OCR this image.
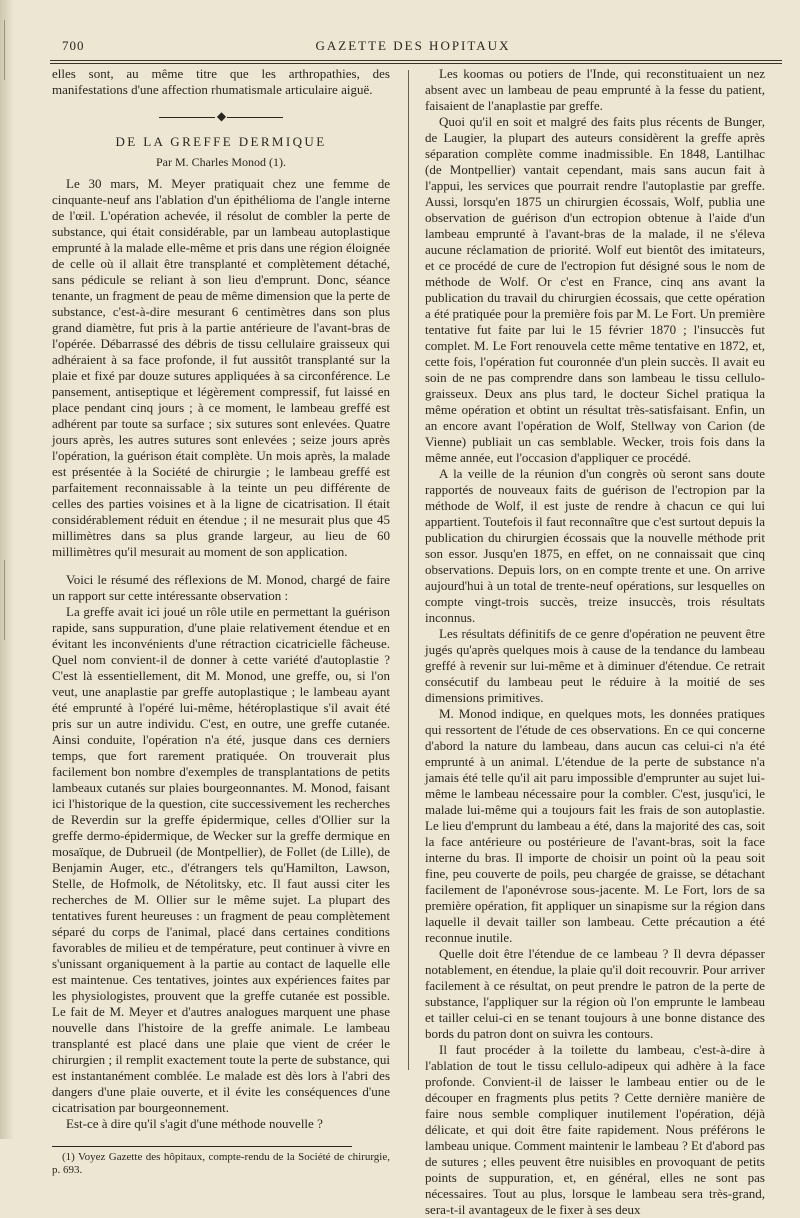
700	GAZETTE DES HOPITAUX

elles sont, au même titre que les arthropathies, des manifestations d'une affection rhumatismale articulaire aiguë.

◆
DE LA GREFFE DERMIQUE
Par M. Charles Monod (1).

Le 30 mars, M. Meyer pratiquait chez une femme de cinquante-neuf ans l'ablation d'un épithélioma de l'angle interne de l'œil. L'opération achevée, il résolut de combler la perte de substance, qui était considérable, par un lambeau autoplastique emprunté à la malade elle-même et pris dans une région éloignée de celle où il allait être transplanté et complètement détaché, sans pédicule se reliant à son lieu d'emprunt. Donc, séance tenante, un fragment de peau de même dimension que la perte de substance, c'est-à-dire mesurant 6 centimètres dans son plus grand diamètre, fut pris à la partie antérieure de l'avant-bras de l'opérée. Débarrassé des débris de tissu cellulaire graisseux qui adhéraient à sa face profonde, il fut aussitôt transplanté sur la plaie et fixé par douze sutures appliquées à sa circonférence. Le pansement, antiseptique et légèrement compressif, fut laissé en place pendant cinq jours ; à ce moment, le lambeau greffé est adhérent par toute sa surface ; six sutures sont enlevées. Quatre jours après, les autres sutures sont enlevées ; seize jours après l'opération, la guérison était complète. Un mois après, la malade est présentée à la Société de chirurgie ; le lambeau greffé est parfaitement reconnaissable à la teinte un peu différente de celles des parties voisines et à la ligne de cicatrisation. Il était considérablement réduit en étendue ; il ne mesurait plus que 45 millimètres dans sa plus grande largeur, au lieu de 60 millimètres qu'il mesurait au moment de son application.

Voici le résumé des réflexions de M. Monod, chargé de faire un rapport sur cette intéressante observation :

La greffe avait ici joué un rôle utile en permettant la guérison rapide, sans suppuration, d'une plaie relativement étendue et en évitant les inconvénients d'une rétraction cicatricielle fâcheuse. Quel nom convient-il de donner à cette variété d'autoplastie ? C'est là essentiellement, dit M. Monod, une greffe, ou, si l'on veut, une anaplastie par greffe autoplastique ; le lambeau ayant été emprunté à l'opéré lui-même, hétéroplastique s'il avait été pris sur un autre individu. C'est, en outre, une greffe cutanée. Ainsi conduite, l'opération n'a été, jusque dans ces derniers temps, que fort rarement pratiquée. On trouverait plus facilement bon nombre d'exemples de transplantations de petits lambeaux cutanés sur plaies bourgeonnantes. M. Monod, faisant ici l'historique de la question, cite successivement les recherches de Reverdin sur la greffe épidermique, celles d'Ollier sur la greffe dermo-épidermique, de Wecker sur la greffe dermique en mosaïque, de Dubrueil (de Montpellier), de Follet (de Lille), de Benjamin Auger, etc., d'étrangers tels qu'Hamilton, Lawson, Stelle, de Hofmolk, de Nétolitsky, etc. Il faut aussi citer les recherches de M. Ollier sur le même sujet. La plupart des tentatives furent heureuses : un fragment de peau complètement séparé du corps de l'animal, placé dans certaines conditions favorables de milieu et de température, peut continuer à vivre en s'unissant organiquement à la partie au contact de laquelle elle est maintenue. Ces tentatives, jointes aux expériences faites par les physiologistes, prouvent que la greffe cutanée est possible. Le fait de M. Meyer et d'autres analogues marquent une phase nouvelle dans l'histoire de la greffe animale. Le lambeau transplanté est placé dans une plaie que vient de créer le chirurgien ; il remplit exactement toute la perte de substance, qui est instantanément comblée. Le malade est dès lors à l'abri des dangers d'une plaie ouverte, et il évite les conséquences d'une cicatrisation par bourgeonnement.

Est-ce à dire qu'il s'agit d'une méthode nouvelle ?

(1) Voyez Gazette des hôpitaux, compte-rendu de la Société de chirurgie, p. 693.

Les koomas ou potiers de l'Inde, qui reconstituaient un nez absent avec un lambeau de peau emprunté à la fesse du patient, faisaient de l'anaplastie par greffe.

Quoi qu'il en soit et malgré des faits plus récents de Bunger, de Laugier, la plupart des auteurs considèrent la greffe après séparation complète comme inadmissible. En 1848, Lantilhac (de Montpellier) vantait cependant, mais sans aucun fait à l'appui, les services que pourrait rendre l'autoplastie par greffe. Aussi, lorsqu'en 1875 un chirurgien écossais, Wolf, publia une observation de guérison d'un ectropion obtenue à l'aide d'un lambeau emprunté à l'avant-bras de la malade, il ne s'éleva aucune réclamation de priorité. Wolf eut bientôt des imitateurs, et ce procédé de cure de l'ectropion fut désigné sous le nom de méthode de Wolf. Or c'est en France, cinq ans avant la publication du travail du chirurgien écossais, que cette opération a été pratiquée pour la première fois par M. Le Fort. Un première tentative fut faite par lui le 15 février 1870 ; l'insuccès fut complet. M. Le Fort renouvela cette même tentative en 1872, et, cette fois, l'opération fut couronnée d'un plein succès. Il avait eu soin de ne pas comprendre dans son lambeau le tissu cellulo-graisseux. Deux ans plus tard, le docteur Sichel pratiqua la même opération et obtint un résultat très-satisfaisant. Enfin, un an encore avant l'opération de Wolf, Stellway von Carion (de Vienne) publiait un cas semblable. Wecker, trois fois dans la même année, eut l'occasion d'appliquer ce procédé.

A la veille de la réunion d'un congrès où seront sans doute rapportés de nouveaux faits de guérison de l'ectropion par la méthode de Wolf, il est juste de rendre à chacun ce qui lui appartient. Toutefois il faut reconnaître que c'est surtout depuis la publication du chirurgien écossais que la nouvelle méthode prit son essor. Jusqu'en 1875, en effet, on ne connaissait que cinq observations. Depuis lors, on en compte trente et une. On arrive aujourd'hui à un total de trente-neuf opérations, sur lesquelles on compte vingt-trois succès, treize insuccès, trois résultats inconnus.

Les résultats définitifs de ce genre d'opération ne peuvent être jugés qu'après quelques mois à cause de la tendance du lambeau greffé à revenir sur lui-même et à diminuer d'étendue. Ce retrait consécutif du lambeau peut le réduire à la moitié de ses dimensions primitives.

M. Monod indique, en quelques mots, les données pratiques qui ressortent de l'étude de ces observations. En ce qui concerne d'abord la nature du lambeau, dans aucun cas celui-ci n'a été emprunté à un animal. L'étendue de la perte de substance n'a jamais été telle qu'il ait paru impossible d'emprunter au sujet lui-même le lambeau nécessaire pour la combler. C'est, jusqu'ici, le malade lui-même qui a toujours fait les frais de son autoplastie. Le lieu d'emprunt du lambeau a été, dans la majorité des cas, soit la face antérieure ou postérieure de l'avant-bras, soit la face interne du bras. Il importe de choisir un point où la peau soit fine, peu couverte de poils, peu chargée de graisse, se détachant facilement de l'aponévrose sous-jacente. M. Le Fort, lors de sa première opération, fit appliquer un sinapisme sur la région dans laquelle il devait tailler son lambeau. Cette précaution a été reconnue inutile.

Quelle doit être l'étendue de ce lambeau ? Il devra dépasser notablement, en étendue, la plaie qu'il doit recouvrir. Pour arriver facilement à ce résultat, on peut prendre le patron de la perte de substance, l'appliquer sur la région où l'on emprunte le lambeau et tailler celui-ci en se tenant toujours à une bonne distance des bords du patron dont on suivra les contours.

Il faut procéder à la toilette du lambeau, c'est-à-dire à l'ablation de tout le tissu cellulo-adipeux qui adhère à la face profonde. Convient-il de laisser le lambeau entier ou de le découper en fragments plus petits ? Cette dernière manière de faire nous semble compliquer inutilement l'opération, déjà délicate, et qui doit être faite rapidement. Nous préférons le lambeau unique. Comment maintenir le lambeau ? Et d'abord pas de sutures ; elles peuvent être nuisibles en provoquant de petits points de suppuration, et, en général, elles ne sont pas nécessaires. Tout au plus, lorsque le lambeau sera très-grand, sera-t-il avantageux de le fixer à ses deux
